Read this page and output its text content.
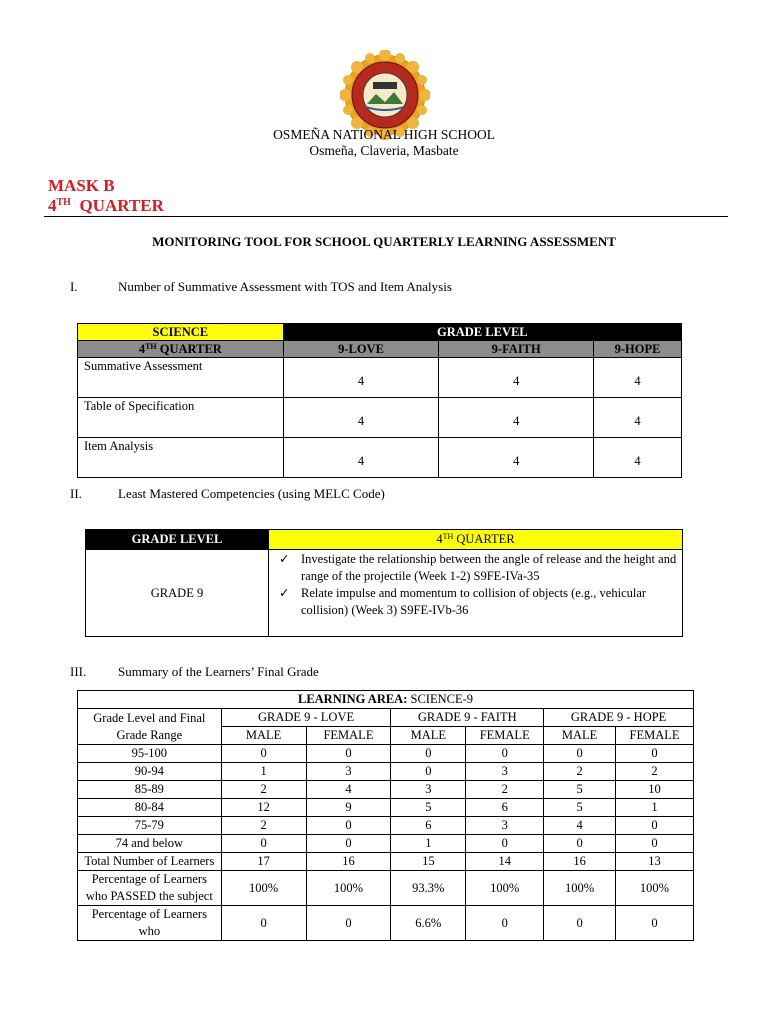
OSMEÑA NATIONAL HIGH SCHOOL
Osmeña, Claveria, Masbate
MASK B
4TH QUARTER
MONITORING TOOL FOR SCHOOL QUARTERLY LEARNING ASSESSMENT
I.	Number of Summative Assessment with TOS and Item Analysis
SCIENCE	GRADE LEVEL		
4TH QUARTER	9-LOVE	9-FAITH	9-HOPE
Summative Assessment	4	4	4
Table of Specification	4	4	4
Item Analysis	4	4	4
II.	Least Mastered Competencies (using MELC Code)
GRADE LEVEL	4TH QUARTER
GRADE 9	✓ Investigate the relationship between the angle of release and the height and range of the projectile (Week 1-2) S9FE-IVa-35
✓ Relate impulse and momentum to collision of objects (e.g., vehicular collision) (Week 3) S9FE-IVb-36
III. Summary of the Learners’ Final Grade
LEARNING AREA: SCIENCE-9						
Grade Level and Final Grade Range	GRADE 9 - LOVE		GRADE 9 - FAITH		GRADE 9 - HOPE	
	MALE	FEMALE	MALE	FEMALE	MALE	FEMALE
95-100	0	0	0	0	0	0
90-94	1	3	0	3	2	2
85-89	2	4	3	2	5	10
80-84	12	9	5	6	5	1
75-79	2	0	6	3	4	0
74 and below	0	0	1	0	0	0
Total Number of Learners	17	16	15	14	16	13
Percentage of Learners who PASSED the subject	100%	100%	93.3%	100%	100%	100%
Percentage of Learners who	0	0	6.6%	0	0	0
